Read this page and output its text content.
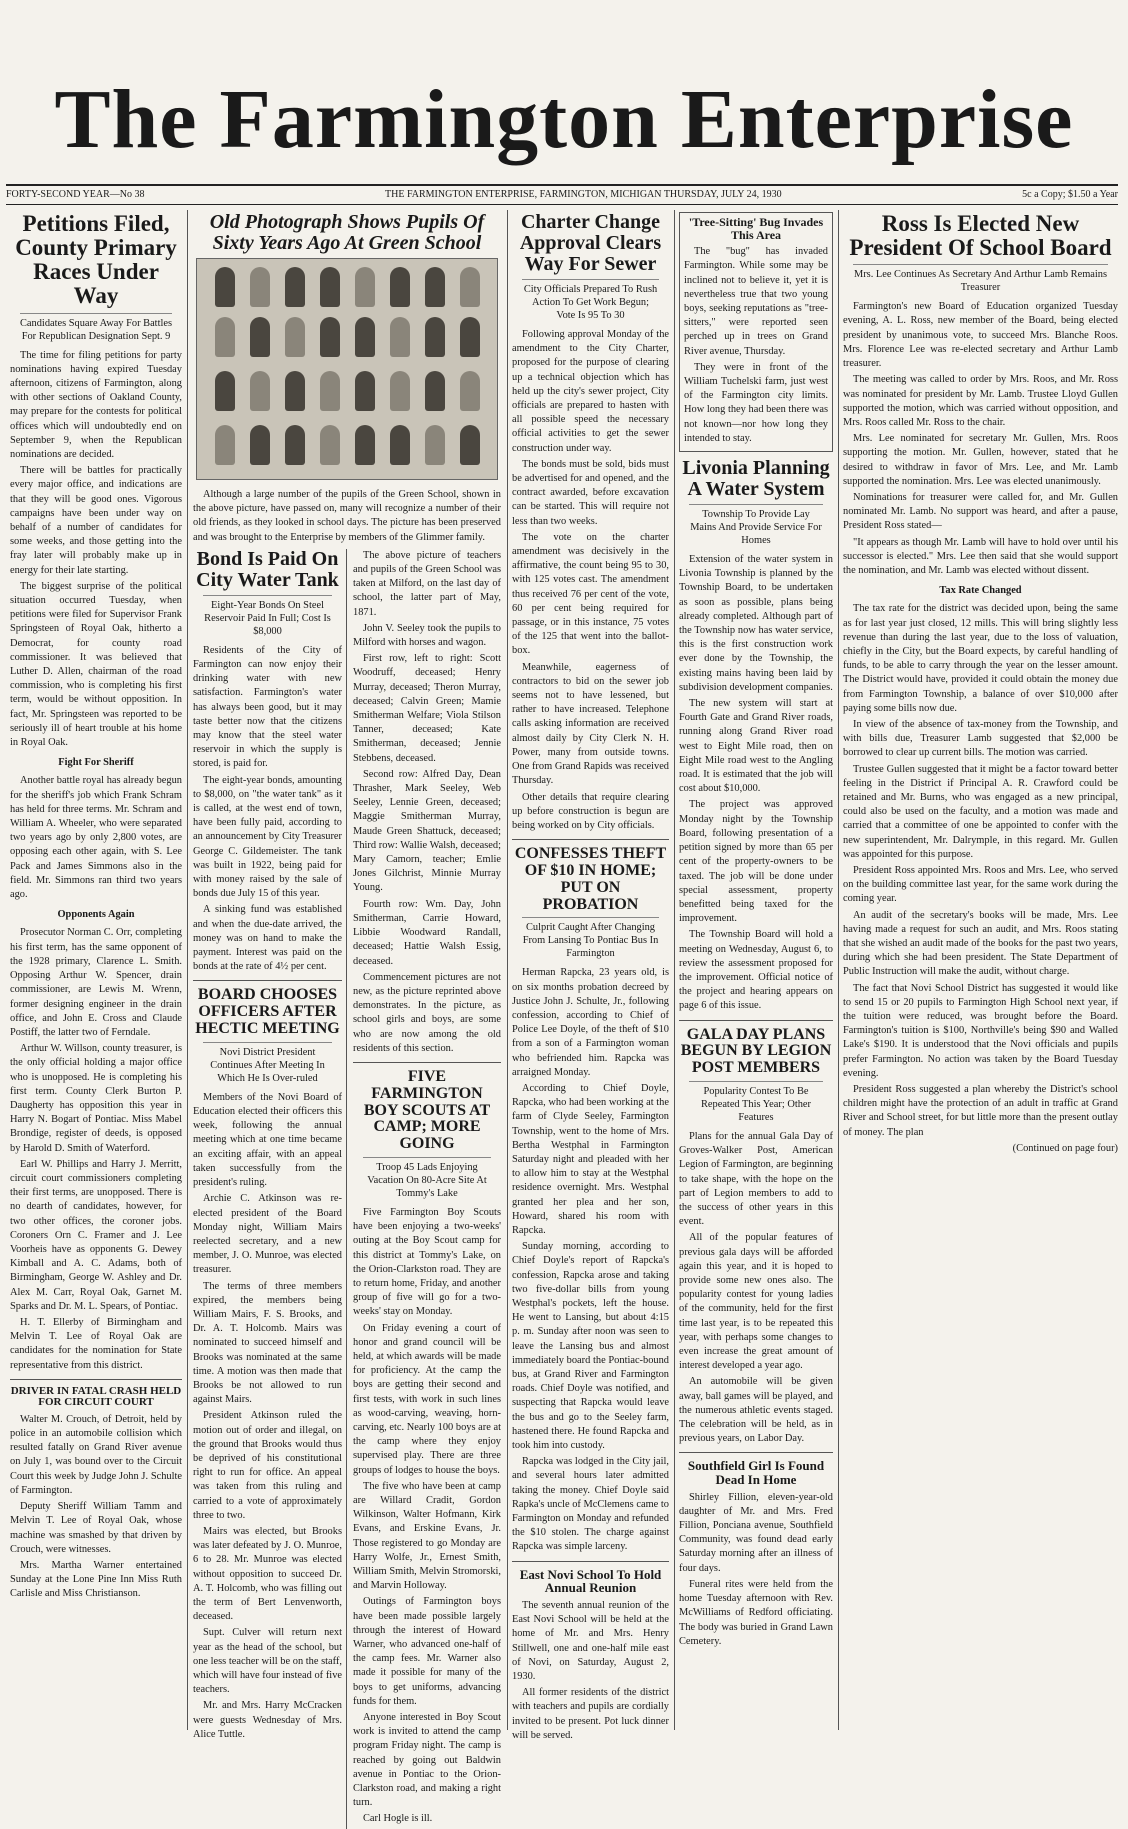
The Farmington Enterprise
FORTY-SECOND YEAR—No 38	THE FARMINGTON ENTERPRISE, FARMINGTON, MICHIGAN THURSDAY, JULY 24, 1930	5c a Copy; $1.50 a Year
Petitions Filed, County Primary Races Under Way
Candidates Square Away For Battles For Republican Designation Sept. 9

The time for filing petitions for party nominations having expired Tuesday afternoon, citizens of Farmington, along with other sections of Oakland County, may prepare for the contests for political offices which will undoubtedly end on September 9, when the Republican nominations are decided.

There will be battles for practically every major office, and indications are that they will be good ones. Vigorous campaigns have been under way on behalf of a number of candidates for some weeks, and those getting into the fray later will probably make up in energy for their late starting.

The biggest surprise of the political situation occurred Tuesday, when petitions were filed for Supervisor Frank Springsteen of Royal Oak, hitherto a Democrat, for county road commissioner. It was believed that Luther D. Allen, chairman of the road commission, who is completing his first term, would be without opposition. In fact, Mr. Springsteen was reported to be seriously ill of heart trouble at his home in Royal Oak.

Fight For Sheriff

Another battle royal has already begun for the sheriff's job which Frank Schram has held for three terms. Mr. Schram and William A. Wheeler, who were separated two years ago by only 2,800 votes, are opposing each other again, with S. Lee Pack and James Simmons also in the field. Mr. Simmons ran third two years ago.

Opponents Again

Prosecutor Norman C. Orr, completing his first term, has the same opponent of the 1928 primary, Clarence L. Smith. Opposing Arthur W. Spencer, drain commissioner, are Lewis M. Wrenn, former designing engineer in the drain office, and John E. Cross and Claude Postiff, the latter two of Ferndale.

Arthur W. Willson, county treasurer, is the only official holding a major office who is unopposed. He is completing his first term. County Clerk Burton P. Daugherty has opposition this year in Harry N. Bogart of Pontiac. Miss Mabel Brondige, register of deeds, is opposed by Harold D. Smith of Waterford.

Earl W. Phillips and Harry J. Merritt, circuit court commissioners completing their first terms, are unopposed. There is no dearth of candidates, however, for two other offices, the coroner jobs. Coroners Orn C. Framer and J. Lee Voorheis have as opponents G. Dewey Kimball and A. C. Adams, both of Birmingham, George W. Ashley and Dr. Alex M. Carr, Royal Oak, Garnet M. Sparks and Dr. M. L. Spears, of Pontiac.

H. T. Ellerby of Birmingham and Melvin T. Lee of Royal Oak are candidates for the nomination for State representative from this district.

DRIVER IN FATAL CRASH HELD FOR CIRCUIT COURT

Walter M. Crouch, of Detroit, held by police in an automobile collision which resulted fatally on Grand River avenue on July 1, was bound over to the Circuit Court this week by Judge John J. Schulte of Farmington.

Deputy Sheriff William Tamm and Melvin T. Lee of Royal Oak, whose machine was smashed by that driven by Crouch, were witnesses.

Mrs. Martha Warner entertained Sunday at the Lone Pine Inn Miss Ruth Carlisle and Miss Christianson.

Old Photograph Shows Pupils Of Sixty Years Ago At Green School

Although a large number of the pupils of the Green School, shown in the above picture, have passed on, many will recognize a number of their old friends, as they looked in school days. The picture has been preserved and was brought to the Enterprise by members of the Glimmer family.

Bond Is Paid On City Water Tank
Eight-Year Bonds On Steel Reservoir Paid In Full; Cost Is $8,000

Residents of the City of Farmington can now enjoy their drinking water with new satisfaction. Farmington's water has always been good, but it may taste better now that the citizens may know that the steel water reservoir in which the supply is stored, is paid for.

The eight-year bonds, amounting to $8,000, on "the water tank" as it is called, at the west end of town, have been fully paid, according to an announcement by City Treasurer George C. Gildemeister. The tank was built in 1922, being paid for with money raised by the sale of bonds due July 15 of this year.

A sinking fund was established and when the due-date arrived, the money was on hand to make the payment. Interest was paid on the bonds at the rate of 4½ per cent.

BOARD CHOOSES OFFICERS AFTER HECTIC MEETING
Novi District President Continues After Meeting In Which He Is Over-ruled

Members of the Novi Board of Education elected their officers this week, following the annual meeting which at one time became an exciting affair, with an appeal taken successfully from the president's ruling.

Archie C. Atkinson was re-elected president of the Board Monday night, William Mairs reelected secretary, and a new member, J. O. Munroe, was elected treasurer.

The terms of three members expired, the members being William Mairs, F. S. Brooks, and Dr. A. T. Holcomb. Mairs was nominated to succeed himself and Brooks was nominated at the same time. A motion was then made that Brooks be not allowed to run against Mairs.

President Atkinson ruled the motion out of order and illegal, on the ground that Brooks would thus be deprived of his constitutional right to run for office. An appeal was taken from this ruling and carried to a vote of approximately three to two.

Mairs was elected, but Brooks was later defeated by J. O. Munroe, 6 to 28. Mr. Munroe was elected without opposition to succeed Dr. A. T. Holcomb, who was filling out the term of Bert Lenvenworth, deceased.

Supt. Culver will return next year as the head of the school, but one less teacher will be on the staff, which will have four instead of five teachers.

Mr. and Mrs. Harry McCracken were guests Wednesday of Mrs. Alice Tuttle.

The above picture of teachers and pupils of the Green School was taken at Milford, on the last day of school, the latter part of May, 1871.

John V. Seeley took the pupils to Milford with horses and wagon.

First row, left to right: Scott Woodruff, deceased; Henry Murray, deceased; Theron Murray, deceased; Calvin Green; Mamie Smitherman Welfare; Viola Stilson Tanner, deceased; Kate Smitherman, deceased; Jennie Stebbens, deceased.

Second row: Alfred Day, Dean Thrasher, Mark Seeley, Web Seeley, Lennie Green, deceased; Maggie Smitherman Murray, Maude Green Shattuck, deceased; Third row: Wallie Walsh, deceased; Mary Camorn, teacher; Emlie Jones Gilchrist, Minnie Murray Young.

Fourth row: Wm. Day, John Smitherman, Carrie Howard, Libbie Woodward Randall, deceased; Hattie Walsh Essig, deceased.

Commencement pictures are not new, as the picture reprinted above demonstrates. In the picture, as school girls and boys, are some who are now among the old residents of this section.

FIVE FARMINGTON BOY SCOUTS AT CAMP; MORE GOING
Troop 45 Lads Enjoying Vacation On 80-Acre Site At Tommy's Lake

Five Farmington Boy Scouts have been enjoying a two-weeks' outing at the Boy Scout camp for this district at Tommy's Lake, on the Orion-Clarkston road. They are to return home, Friday, and another group of five will go for a two-weeks' stay on Monday.

On Friday evening a court of honor and grand council will be held, at which awards will be made for proficiency. At the camp the boys are getting their second and first tests, with work in such lines as wood-carving, weaving, horn-carving, etc. Nearly 100 boys are at the camp where they enjoy supervised play. There are three groups of lodges to house the boys.

The five who have been at camp are Willard Cradit, Gordon Wilkinson, Walter Hofmann, Kirk Evans, and Erskine Evans, Jr. Those registered to go Monday are Harry Wolfe, Jr., Ernest Smith, William Smith, Melvin Stromorski, and Marvin Holloway.

Outings of Farmington boys have been made possible largely through the interest of Howard Warner, who advanced one-half of the camp fees. Mr. Warner also made it possible for many of the boys to get uniforms, advancing funds for them.

Anyone interested in Boy Scout work is invited to attend the camp program Friday night. The camp is reached by going out Baldwin avenue in Pontiac to the Orion-Clarkston road, and making a right turn.

Carl Hogle is ill.

Charter Change Approval Clears Way For Sewer
City Officials Prepared To Rush Action To Get Work Begun; Vote Is 95 To 30

Following approval Monday of the amendment to the City Charter, proposed for the purpose of clearing up a technical objection which has held up the city's sewer project, City officials are prepared to hasten with all possible speed the necessary official activities to get the sewer construction under way.

The bonds must be sold, bids must be advertised for and opened, and the contract awarded, before excavation can be started. This will require not less than two weeks.

The vote on the charter amendment was decisively in the affirmative, the count being 95 to 30, with 125 votes cast. The amendment thus received 76 per cent of the vote, 60 per cent being required for passage, or in this instance, 75 votes of the 125 that went into the ballot-box.

Meanwhile, eagerness of contractors to bid on the sewer job seems not to have lessened, but rather to have increased. Telephone calls asking information are received almost daily by City Clerk N. H. Power, many from outside towns. One from Grand Rapids was received Thursday.

Other details that require clearing up before construction is begun are being worked on by City officials.

CONFESSES THEFT OF $10 IN HOME; PUT ON PROBATION
Culprit Caught After Changing From Lansing To Pontiac Bus In Farmington

Herman Rapcka, 23 years old, is on six months probation decreed by Justice John J. Schulte, Jr., following confession, according to Chief of Police Lee Doyle, of the theft of $10 from a son of a Farmington woman who befriended him. Rapcka was arraigned Monday.

According to Chief Doyle, Rapcka, who had been working at the farm of Clyde Seeley, Farmington Township, went to the home of Mrs. Bertha Westphal in Farmington Saturday night and pleaded with her to allow him to stay at the Westphal residence overnight. Mrs. Westphal granted her plea and her son, Howard, shared his room with Rapcka.

Sunday morning, according to Chief Doyle's report of Rapcka's confession, Rapcka arose and taking two five-dollar bills from young Westphal's pockets, left the house. He went to Lansing, but about 4:15 p. m. Sunday after noon was seen to leave the Lansing bus and almost immediately board the Pontiac-bound bus, at Grand River and Farmington roads. Chief Doyle was notified, and suspecting that Rapcka would leave the bus and go to the Seeley farm, hastened there. He found Rapcka and took him into custody.

Rapcka was lodged in the City jail, and several hours later admitted taking the money. Chief Doyle said Rapka's uncle of McClemens came to Farmington on Monday and refunded the $10 stolen. The charge against Rapcka was simple larceny.

East Novi School To Hold Annual Reunion

The seventh annual reunion of the East Novi School will be held at the home of Mr. and Mrs. Henry Stillwell, one and one-half mile east of Novi, on Saturday, August 2, 1930.

All former residents of the district with teachers and pupils are cordially invited to be present. Pot luck dinner will be served.

'Tree-Sitting' Bug Invades This Area

The "bug" has invaded Farmington. While some may be inclined not to believe it, yet it is nevertheless true that two young boys, seeking reputations as "tree-sitters," were reported seen perched up in trees on Grand River avenue, Thursday.

They were in front of the William Tuchelski farm, just west of the Farmington city limits. How long they had been there was not known—nor how long they intended to stay.

Livonia Planning A Water System
Township To Provide Lay Mains And Provide Service For Homes

Extension of the water system in Livonia Township is planned by the Township Board, to be undertaken as soon as possible, plans being already completed. Although part of the Township now has water service, this is the first construction work ever done by the Township, the existing mains having been laid by subdivision development companies.

The new system will start at Fourth Gate and Grand River roads, running along Grand River road west to Eight Mile road, then on Eight Mile road west to the Angling road. It is estimated that the job will cost about $10,000.

The project was approved Monday night by the Township Board, following presentation of a petition signed by more than 65 per cent of the property-owners to be taxed. The job will be done under special assessment, property benefitted being taxed for the improvement.

The Township Board will hold a meeting on Wednesday, August 6, to review the assessment proposed for the improvement. Official notice of the project and hearing appears on page 6 of this issue.

GALA DAY PLANS BEGUN BY LEGION POST MEMBERS
Popularity Contest To Be Repeated This Year; Other Features

Plans for the annual Gala Day of Groves-Walker Post, American Legion of Farmington, are beginning to take shape, with the hope on the part of Legion members to add to the success of other years in this event.

All of the popular features of previous gala days will be afforded again this year, and it is hoped to provide some new ones also. The popularity contest for young ladies of the community, held for the first time last year, is to be repeated this year, with perhaps some changes to even increase the great amount of interest developed a year ago.

An automobile will be given away, ball games will be played, and the numerous athletic events staged. The celebration will be held, as in previous years, on Labor Day.

Southfield Girl Is Found Dead In Home

Shirley Fillion, eleven-year-old daughter of Mr. and Mrs. Fred Fillion, Ponciana avenue, Southfield Community, was found dead early Saturday morning after an illness of four days.

Funeral rites were held from the home Tuesday afternoon with Rev. McWilliams of Redford officiating. The body was buried in Grand Lawn Cemetery.

Ross Is Elected New President Of School Board
Mrs. Lee Continues As Secretary And Arthur Lamb Remains Treasurer

Farmington's new Board of Education organized Tuesday evening, A. L. Ross, new member of the Board, being elected president by unanimous vote, to succeed Mrs. Blanche Roos. Mrs. Florence Lee was re-elected secretary and Arthur Lamb treasurer.

The meeting was called to order by Mrs. Roos, and Mr. Ross was nominated for president by Mr. Lamb. Trustee Lloyd Gullen supported the motion, which was carried without opposition, and Mrs. Roos called Mr. Ross to the chair.

Mrs. Lee nominated for secretary Mr. Gullen, Mrs. Roos supporting the motion. Mr. Gullen, however, stated that he desired to withdraw in favor of Mrs. Lee, and Mr. Lamb supported the nomination. Mrs. Lee was elected unanimously.

Nominations for treasurer were called for, and Mr. Gullen nominated Mr. Lamb. No support was heard, and after a pause, President Ross stated—

"It appears as though Mr. Lamb will have to hold over until his successor is elected." Mrs. Lee then said that she would support the nomination, and Mr. Lamb was elected without dissent.

Tax Rate Changed

The tax rate for the district was decided upon, being the same as for last year just closed, 12 mills. This will bring slightly less revenue than during the last year, due to the loss of valuation, chiefly in the City, but the Board expects, by careful handling of funds, to be able to carry through the year on the lesser amount. The District would have, provided it could obtain the money due from Farmington Township, a balance of over $10,000 after paying some bills now due.

In view of the absence of tax-money from the Township, and with bills due, Treasurer Lamb suggested that $2,000 be borrowed to clear up current bills. The motion was carried.

Trustee Gullen suggested that it might be a factor toward better feeling in the District if Principal A. R. Crawford could be retained and Mr. Burns, who was engaged as a new principal, could also be used on the faculty, and a motion was made and carried that a committee of one be appointed to confer with the new superintendent, Mr. Dalrymple, in this regard. Mr. Gullen was appointed for this purpose.

President Ross appointed Mrs. Roos and Mrs. Lee, who served on the building committee last year, for the same work during the coming year.

An audit of the secretary's books will be made, Mrs. Lee having made a request for such an audit, and Mrs. Roos stating that she wished an audit made of the books for the past two years, during which she had been president. The State Department of Public Instruction will make the audit, without charge.

The fact that Novi School District has suggested it would like to send 15 or 20 pupils to Farmington High School next year, if the tuition were reduced, was brought before the Board. Farmington's tuition is $100, Northville's being $90 and Walled Lake's $190. It is understood that the Novi officials and pupils prefer Farmington. No action was taken by the Board Tuesday evening.

President Ross suggested a plan whereby the District's school children might have the protection of an adult in traffic at Grand River and School street, for but little more than the present outlay of money. The plan

(Continued on page four)
